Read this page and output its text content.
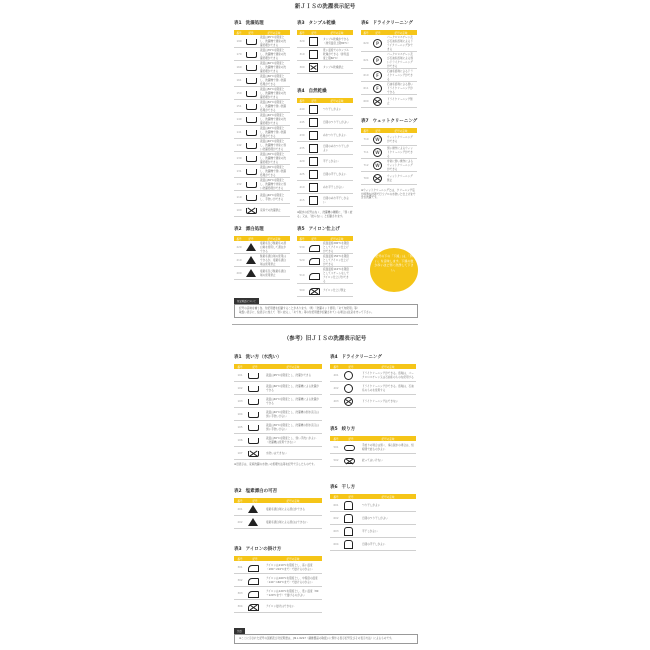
新ＪＩＳの洗濯表示記号
表1 洗濯処理
番号	記号	記号の意味
190		液温は95℃を限度とし、洗濯機で通常の洗濯処理ができる
170		液温は70℃を限度とし、洗濯機で通常の洗濯処理ができる
160		液温は60℃を限度とし、洗濯機で通常の洗濯処理ができる
161		液温は60℃を限度とし、洗濯機で弱い洗濯処理ができる
150		液温は50℃を限度とし、洗濯機で通常の洗濯処理ができる
151		液温は50℃を限度とし、洗濯機で弱い洗濯処理ができる
140		液温は40℃を限度とし、洗濯機で通常の洗濯処理ができる
141		液温は40℃を限度とし、洗濯機で弱い洗濯処理ができる
142		液温は40℃を限度とし、洗濯機で非常に弱い洗濯処理ができる
130		液温は30℃を限度とし、洗濯機で通常の洗濯処理ができる
131		液温は30℃を限度とし、洗濯機で弱い洗濯処理ができる
132		液温は30℃を限度とし、洗濯機で非常に弱い洗濯処理ができる
110		液温は40℃を限度とし、手洗いができる
100		家庭での洗濯禁止
表2 漂白処理
番号	記号	記号の意味
220		塩素系及び酸素系の漂白剤を使用して漂白ができる
210		酸素系漂白剤の使用はできるが、塩素系漂白剤は使用禁止
200		塩素系及び酸素系漂白剤の使用禁止
表3 タンブル乾燥
番号	記号	記号の意味
320		タンブル乾燥ができる（排気温度上限80℃）
310		低い温度でのタンブル乾燥ができる（排気温度上限60℃）
300		タンブル乾燥禁止
表4 自然乾燥
番号	記号	記号の意味
440		つり干しがよい
445		日陰のつり干しがよい
430		ぬれつり干しがよい
435		日陰のぬれつり干しがよい
420		平干しがよい
425		日陰の平干しがよい
410		ぬれ平干しがよい
415		日陰のぬれ平干しがよい
※脱水の記号はなく、洗濯機の種類に、「弱く絞る」又は、「絞らない」と記載されます。
表5 アイロン仕上げ
番号	記号	記号の意味
530		底面温度200℃を限度としてアイロン仕上げができる
520		底面温度150℃を限度としてアイロン仕上げができる
510		底面温度110℃を限度としてスチームなしでアイロン仕上げができる
500		アイロン仕上げ禁止
表6 ドライクリーニング
番号	記号	記号の意味
620	P	パークロロエチレン及び石油系溶剤によるドライクリーニングができる
621	P	パークロロエチレン及び石油系溶剤による弱いドライクリーニングができる
610	F	石油系溶剤によるドライクリーニングができる
611	F	石油系溶剤による弱いドライクリーニングができる
600		ドライクリーニング禁止
表7 ウェットクリーニング
番号	記号	記号の意味
710	W	ウェットクリーニングができる
711	W	弱い操作によるウェットクリーニングができる
712	W	非常に弱い操作によるウェットクリーニングができる
700		ウェットクリーニング禁止
※ウェットクリーニングとは、クリーニング店が特殊な技術で行うプロの水洗いと仕上げまで含む洗濯です。
記号の下の「下線」は、「弱い」を意味します。下線の数が多いほど弱く洗浄して下さい。
付記用語について
記号の意味を補う為、付記用語を記載することがあります。（例：「洗濯ネット使用」「あて布使用」等）
取扱い表示に、絵表示に加えて「弱く絞る」、「あて布」等の付記用語が記載されている場合は注意を守って下さい。
（参考）旧ＪＩＳの洗濯表示記号
表1 洗い方（水洗い）
番号	記号	記号の意味
101		液温は95℃を限度とし、洗濯ができる
102		液温は60℃を限度とし、洗濯機による洗濯ができる
103		液温は40℃を限度とし、洗濯機による洗濯ができる
104		液温は40℃を限度とし、洗濯機の弱水流又は弱い手洗いがよい
105		液温は30℃を限度とし、洗濯機の弱水流又は弱い手洗いがよい
106		液温は30℃を限度とし、弱い手洗いがよい（洗濯機は使用できない）
107		水洗いはできない
※旧表示は、家庭洗濯の水洗いの処理方法等を記号で示したものです。
表2 塩素漂白の可否
番号	記号	記号の意味
201		塩素系漂白剤による漂白ができる
202		塩素系漂白剤による漂白はできない
表3 アイロンの掛け方
番号	記号	記号の意味
301		アイロンは210℃を限度とし、高い温度（180～210℃まで）で掛けるのがよい
302		アイロンは160℃を限度とし、中程度の温度（140～160℃まで）で掛けるのがよい
303		アイロンは120℃を限度とし、低い温度（80～120℃まで）で掛けるのがよい
304		アイロン掛けはできない
表4 ドライクリーニング
番号	記号	記号の意味
401		ドライクリーニングができる。溶剤は、パークロロエチレン又は石油系のものを使用する
402		ドライクリーニングができる。溶剤は、石油系のものを使用する
403		ドライクリーニングはできない
表5 絞り方
番号	記号	記号の意味
501		手絞りの場合は弱く、遠心脱水の場合は、短時間で絞るのがよい
502		絞ってはいけない
表6 干し方
番号	記号	記号の意味
601		つり干しがよい
602		日陰のつり干しがよい
603		平干しがよい
604		日陰の平干しがよい
注意
※ここに示された記号の図柄及び付記用語は、JIS L 0217（繊維製品の取扱いに関する表示記号及びその表示方法）によるものです。
